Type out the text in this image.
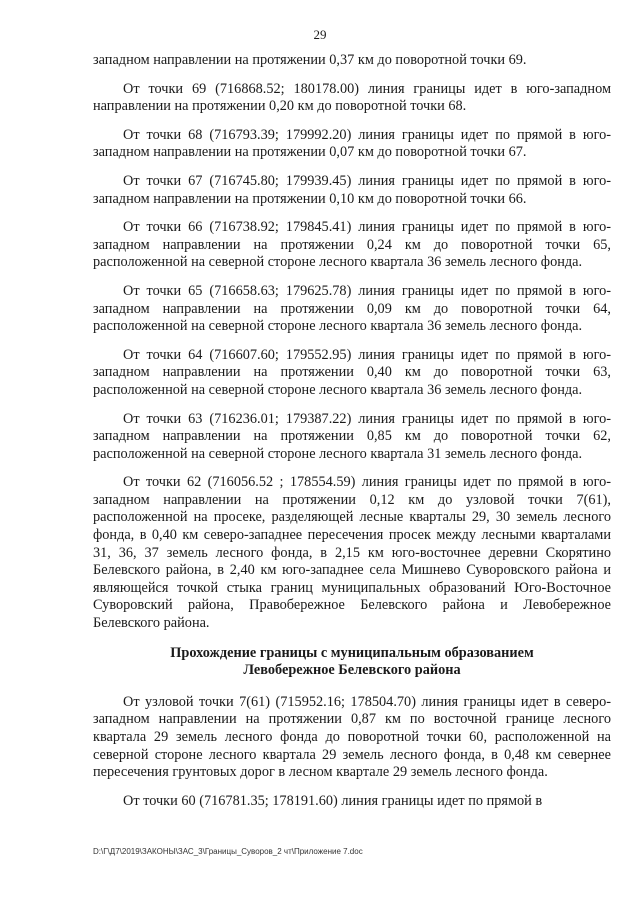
29

западном направлении на протяжении 0,37 км до поворотной точки 69.

От точки 69 (716868.52; 180178.00) линия границы идет в юго-западном направлении на протяжении 0,20 км до поворотной точки 68.

От точки 68 (716793.39; 179992.20) линия границы идет по прямой в юго-западном направлении на протяжении 0,07 км до поворотной точки 67.

От точки 67 (716745.80; 179939.45) линия границы идет по прямой в юго-западном направлении на протяжении 0,10 км до поворотной точки 66.

От точки 66 (716738.92; 179845.41) линия границы идет по прямой в юго-западном направлении на протяжении 0,24 км до поворотной точки 65, расположенной на северной стороне лесного квартала 36 земель лесного фонда.

От точки 65 (716658.63; 179625.78) линия границы идет по прямой в юго-западном направлении на протяжении 0,09 км до поворотной точки 64, расположенной на северной стороне лесного квартала 36 земель лесного фонда.

От точки 64 (716607.60; 179552.95) линия границы идет по прямой в юго-западном направлении на протяжении 0,40 км до поворотной точки 63, расположенной на северной стороне лесного квартала 36 земель лесного фонда.

От точки 63 (716236.01; 179387.22) линия границы идет по прямой в юго-западном направлении на протяжении 0,85 км до поворотной точки 62, расположенной на северной стороне лесного квартала 31 земель лесного фонда.

От точки 62 (716056.52 ; 178554.59) линия границы идет по прямой в юго-западном направлении на протяжении 0,12 км до узловой точки 7(61), расположенной на просеке, разделяющей лесные кварталы 29, 30 земель лесного фонда, в 0,40 км северо-западнее пересечения просек между лесными кварталами 31, 36, 37 земель лесного фонда, в 2,15 км юго-восточнее деревни Скорятино Белевского района, в 2,40 км юго-западнее села Мишнево Суворовского района и являющейся точкой стыка границ муниципальных образований Юго-Восточное Суворовский района, Правобережное Белевского района и Левобережное Белевского района.

Прохождение границы с муниципальным образованием
Левобережное Белевского района

От узловой точки 7(61) (715952.16; 178504.70) линия границы идет в северо-западном направлении на протяжении 0,87 км по восточной границе лесного квартала 29 земель лесного фонда до поворотной точки 60, расположенной на северной стороне лесного квартала 29 земель лесного фонда, в 0,48 км севернее пересечения грунтовых дорог в лесном квартале 29 земель лесного фонда.

От точки 60 (716781.35; 178191.60) линия границы идет по прямой в

D:\Г\Д7\2019\ЗАКОНЫ\ЗАС_3\Границы_Суворов_2 чт\Приложение 7.doc
